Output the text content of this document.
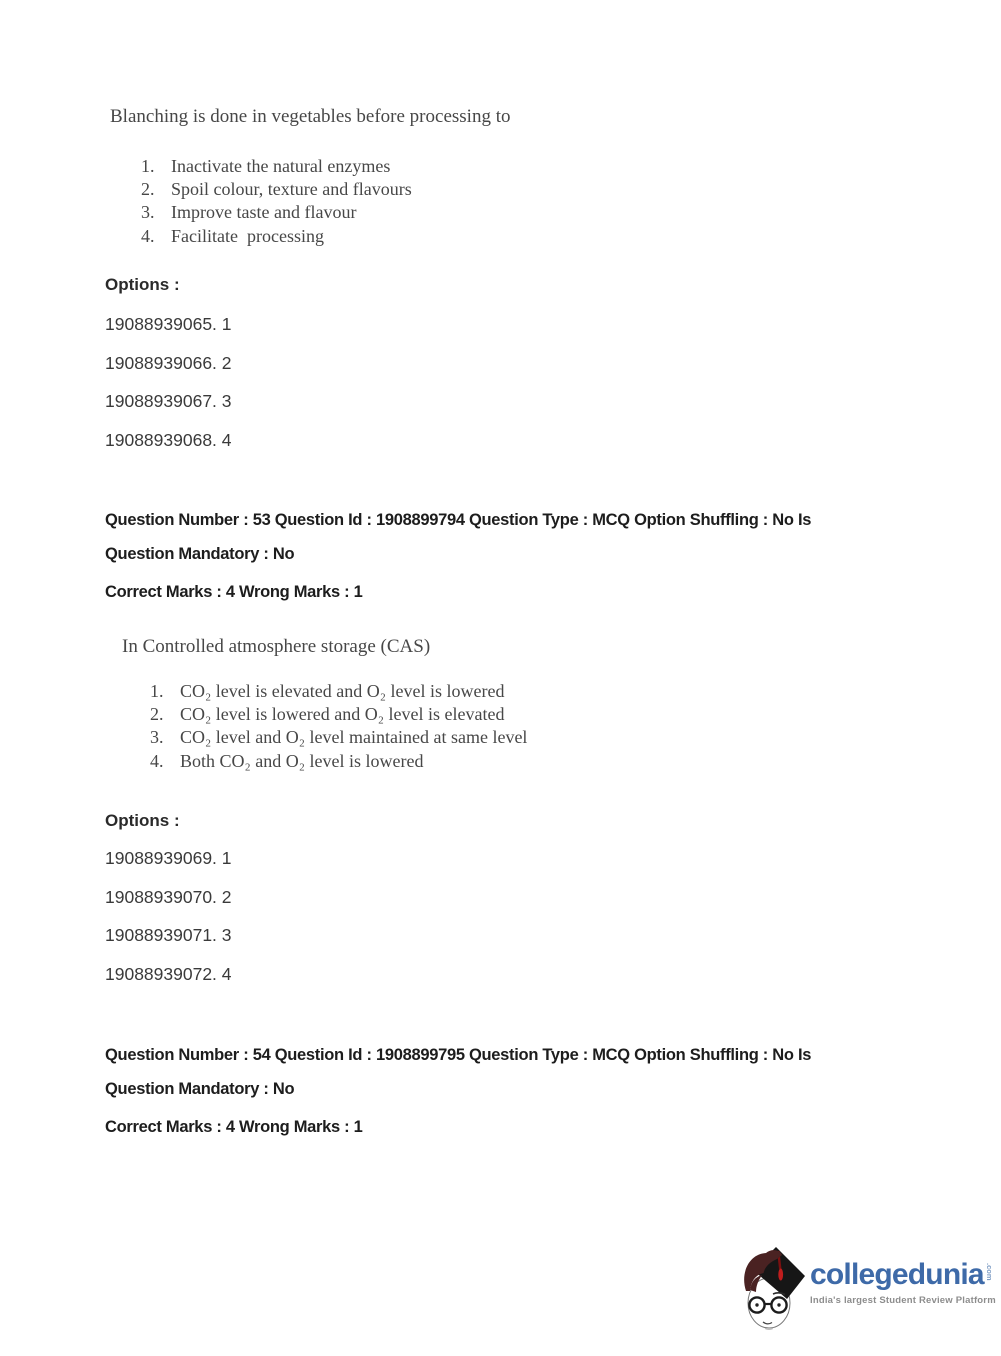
Blanching is done in vegetables before processing to
1. Inactivate the natural enzymes
2. Spoil colour, texture and flavours
3. Improve taste and flavour
4. Facilitate  processing
Options :
19088939065. 1
19088939066. 2
19088939067. 3
19088939068. 4
Question Number : 53 Question Id : 1908899794 Question Type : MCQ Option Shuffling : No Is
Question Mandatory : No
Correct Marks : 4 Wrong Marks : 1
In Controlled atmosphere storage (CAS)
1. CO₂ level is elevated and O₂ level is lowered
2. CO₂ level is lowered and O₂ level is elevated
3. CO₂ level and O₂ level maintained at same level
4. Both CO₂ and O₂ level is lowered
Options :
19088939069. 1
19088939070. 2
19088939071. 3
19088939072. 4
Question Number : 54 Question Id : 1908899795 Question Type : MCQ Option Shuffling : No Is
Question Mandatory : No
Correct Marks : 4 Wrong Marks : 1
collegedunia .com
India's largest Student Review Platform
